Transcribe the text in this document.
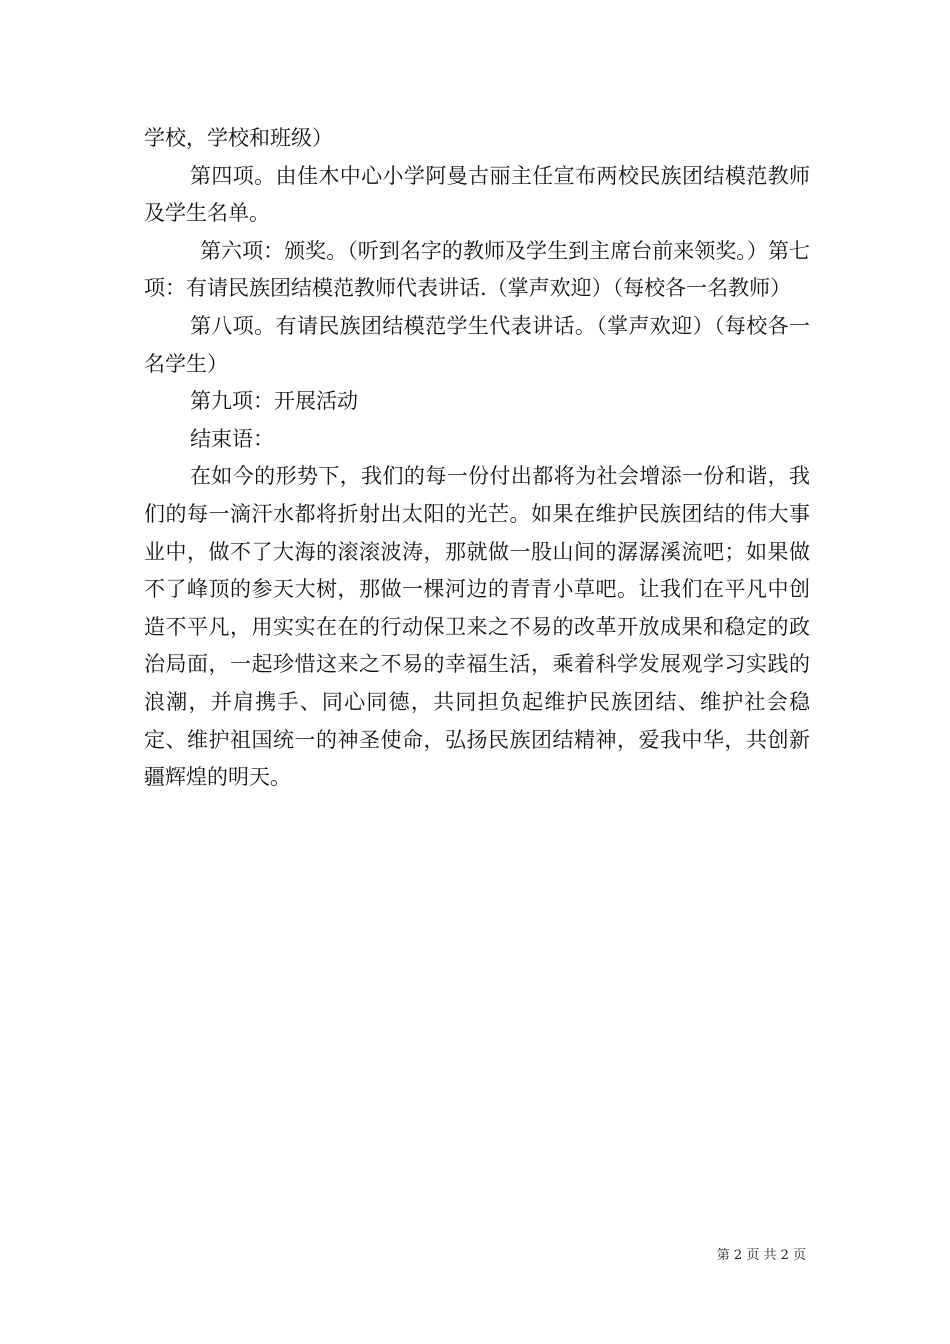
学校，学校和班级）

第四项。由佳木中心小学阿曼古丽主任宣布两校民族团结模范教师及学生名单。

第六项：颁奖。（听到名字的教师及学生到主席台前来领奖。）第七项：有请民族团结模范教师代表讲话.（掌声欢迎）（每校各一名教师）

第八项。有请民族团结模范学生代表讲话。（掌声欢迎）（每校各一名学生）

第九项：开展活动

结束语：

在如今的形势下，我们的每一份付出都将为社会增添一份和谐，我们的每一滴汗水都将折射出太阳的光芒。如果在维护民族团结的伟大事业中，做不了大海的滚滚波涛，那就做一股山间的潺潺溪流吧；如果做不了峰顶的参天大树，那做一棵河边的青青小草吧。让我们在平凡中创造不平凡，用实实在在的行动保卫来之不易的改革开放成果和稳定的政治局面，一起珍惜这来之不易的幸福生活，乘着科学发展观学习实践的浪潮，并肩携手、同心同德，共同担负起维护民族团结、维护社会稳定、维护祖国统一的神圣使命，弘扬民族团结精神，爱我中华，共创新疆辉煌的明天。

第 2 页 共 2 页
